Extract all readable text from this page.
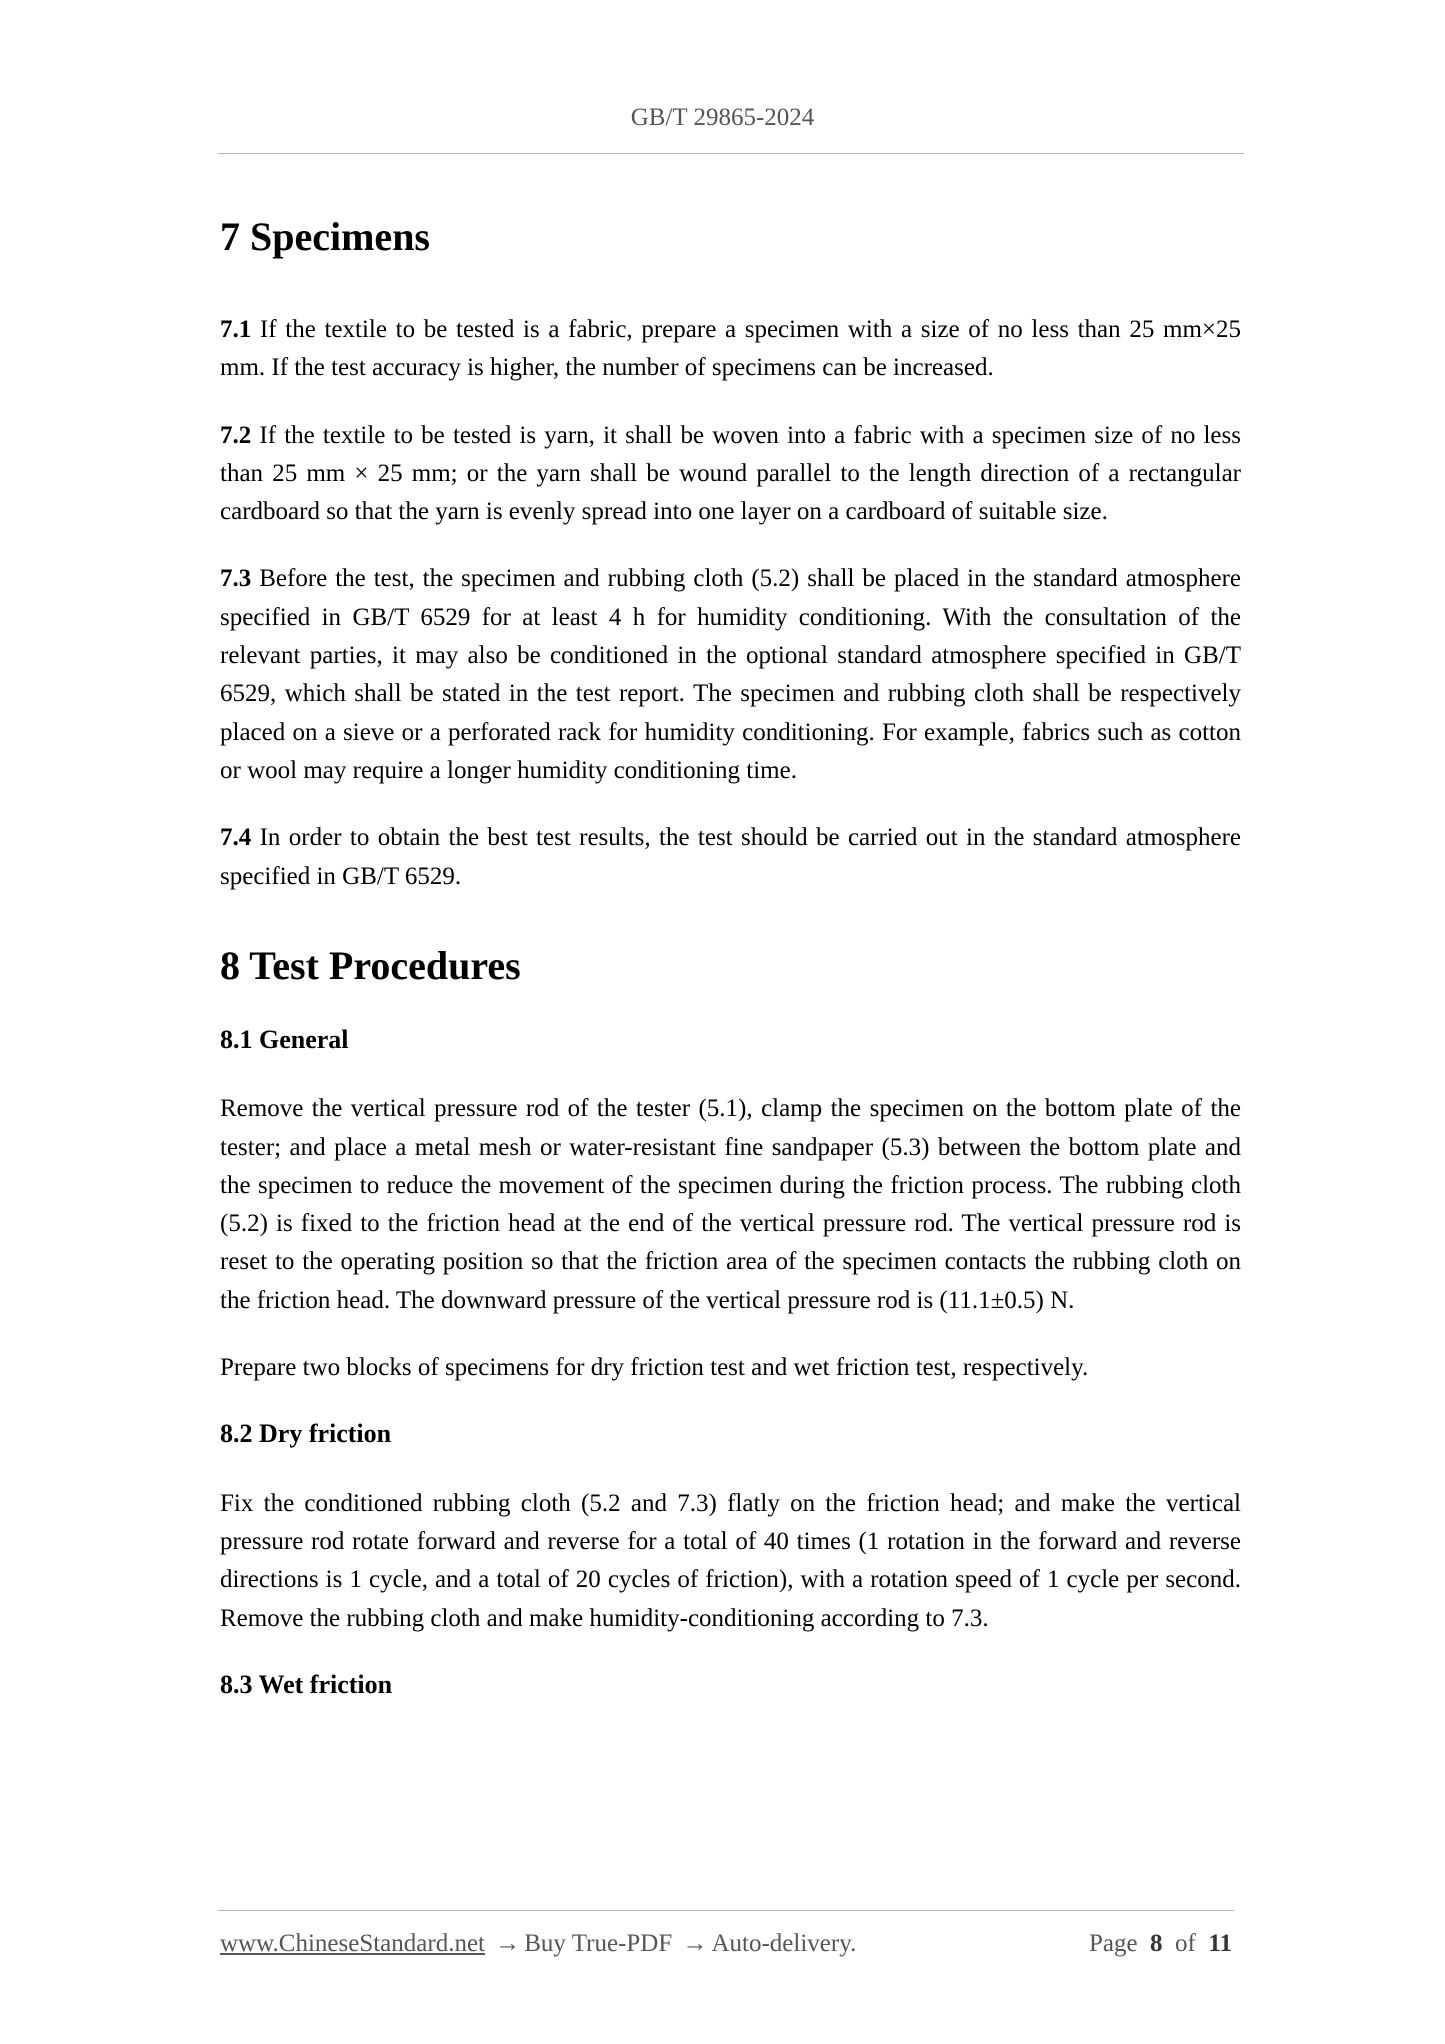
GB/T 29865-2024
7 Specimens

7.1 If the textile to be tested is a fabric, prepare a specimen with a size of no less than 25 mm×25 mm. If the test accuracy is higher, the number of specimens can be increased.

7.2 If the textile to be tested is yarn, it shall be woven into a fabric with a specimen size of no less than 25 mm × 25 mm; or the yarn shall be wound parallel to the length direction of a rectangular cardboard so that the yarn is evenly spread into one layer on a cardboard of suitable size.

7.3 Before the test, the specimen and rubbing cloth (5.2) shall be placed in the standard atmosphere specified in GB/T 6529 for at least 4 h for humidity conditioning. With the consultation of the relevant parties, it may also be conditioned in the optional standard atmosphere specified in GB/T 6529, which shall be stated in the test report. The specimen and rubbing cloth shall be respectively placed on a sieve or a perforated rack for humidity conditioning. For example, fabrics such as cotton or wool may require a longer humidity conditioning time.

7.4 In order to obtain the best test results, the test should be carried out in the standard atmosphere specified in GB/T 6529.

8 Test Procedures
8.1 General

Remove the vertical pressure rod of the tester (5.1), clamp the specimen on the bottom plate of the tester; and place a metal mesh or water-resistant fine sandpaper (5.3) between the bottom plate and the specimen to reduce the movement of the specimen during the friction process. The rubbing cloth (5.2) is fixed to the friction head at the end of the vertical pressure rod. The vertical pressure rod is reset to the operating position so that the friction area of the specimen contacts the rubbing cloth on the friction head. The downward pressure of the vertical pressure rod is (11.1±0.5) N.

Prepare two blocks of specimens for dry friction test and wet friction test, respectively.

8.2 Dry friction

Fix the conditioned rubbing cloth (5.2 and 7.3) flatly on the friction head; and make the vertical pressure rod rotate forward and reverse for a total of 40 times (1 rotation in the forward and reverse directions is 1 cycle, and a total of 20 cycles of friction), with a rotation speed of 1 cycle per second. Remove the rubbing cloth and make humidity-conditioning according to 7.3.

8.3 Wet friction
www.ChineseStandard.net → Buy True-PDF → Auto-delivery.	Page 8 of 11
